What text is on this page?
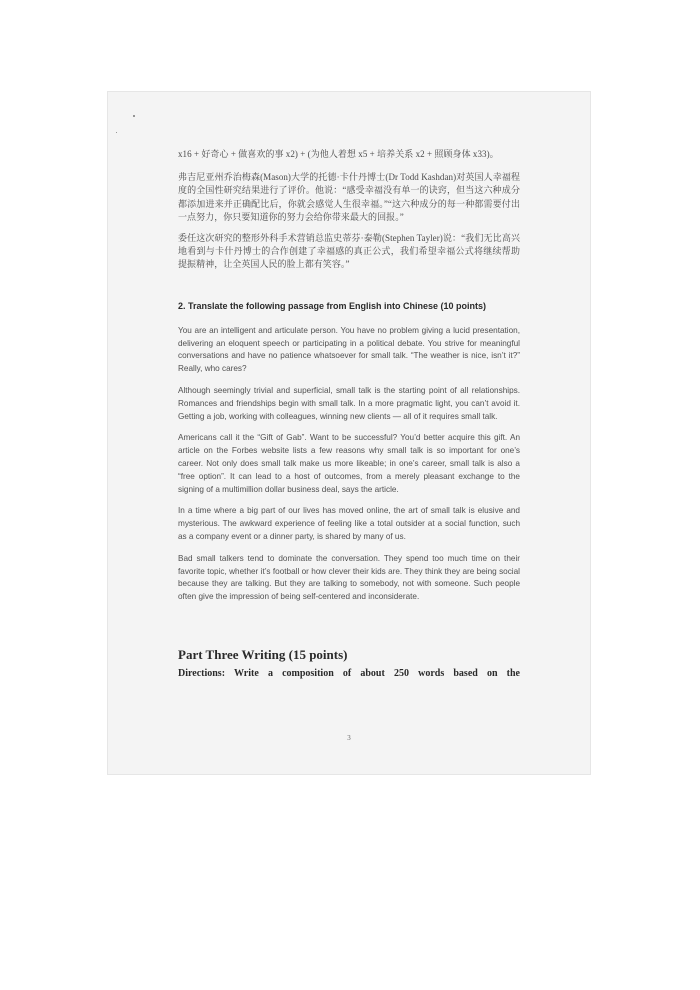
x16 + 好奇心 + 做喜欢的事 x2) + (为他人着想 x5 + 培养关系 x2 + 照顾身体 x33)。

弗吉尼亚州乔治梅森(Mason)大学的托德·卡什丹博士(Dr Todd Kashdan)对英国人幸福程度的全国性研究结果进行了评价。他说：“感受幸福没有单一的诀窍，但当这六种成分都添加进来并正确配比后，你就会感觉人生很幸福。”“这六种成分的每一种都需要付出一点努力，你只要知道你的努力会给你带来最大的回报。”

委任这次研究的整形外科手术营销总监史蒂芬·泰勒(Stephen Tayler)说：“我们无比高兴地看到与卡什丹博士的合作创建了幸福感的真正公式，我们希望幸福公式将继续帮助提振精神，让全英国人民的脸上都有笑容。”

2. Translate the following passage from English into Chinese (10 points)

You are an intelligent and articulate person. You have no problem giving a lucid presentation, delivering an eloquent speech or participating in a political debate. You strive for meaningful conversations and have no patience whatsoever for small talk. “The weather is nice, isn’t it?” Really, who cares?

Although seemingly trivial and superficial, small talk is the starting point of all relationships. Romances and friendships begin with small talk. In a more pragmatic light, you can’t avoid it. Getting a job, working with colleagues, winning new clients — all of it requires small talk.

Americans call it the “Gift of Gab”. Want to be successful? You’d better acquire this gift. An article on the Forbes website lists a few reasons why small talk is so important for one’s career. Not only does small talk make us more likeable; in one’s career, small talk is also a “free option”. It can lead to a host of outcomes, from a merely pleasant exchange to the signing of a multimillion dollar business deal, says the article.

In a time where a big part of our lives has moved online, the art of small talk is elusive and mysterious. The awkward experience of feeling like a total outsider at a social function, such as a company event or a dinner party, is shared by many of us.

Bad small talkers tend to dominate the conversation. They spend too much time on their favorite topic, whether it’s football or how clever their kids are. They think they are being social because they are talking. But they are talking to somebody, not with someone. Such people often give the impression of being self-centered and inconsiderate.

Part Three Writing (15 points)

Directions: Write a composition of about 250 words based on the

3
